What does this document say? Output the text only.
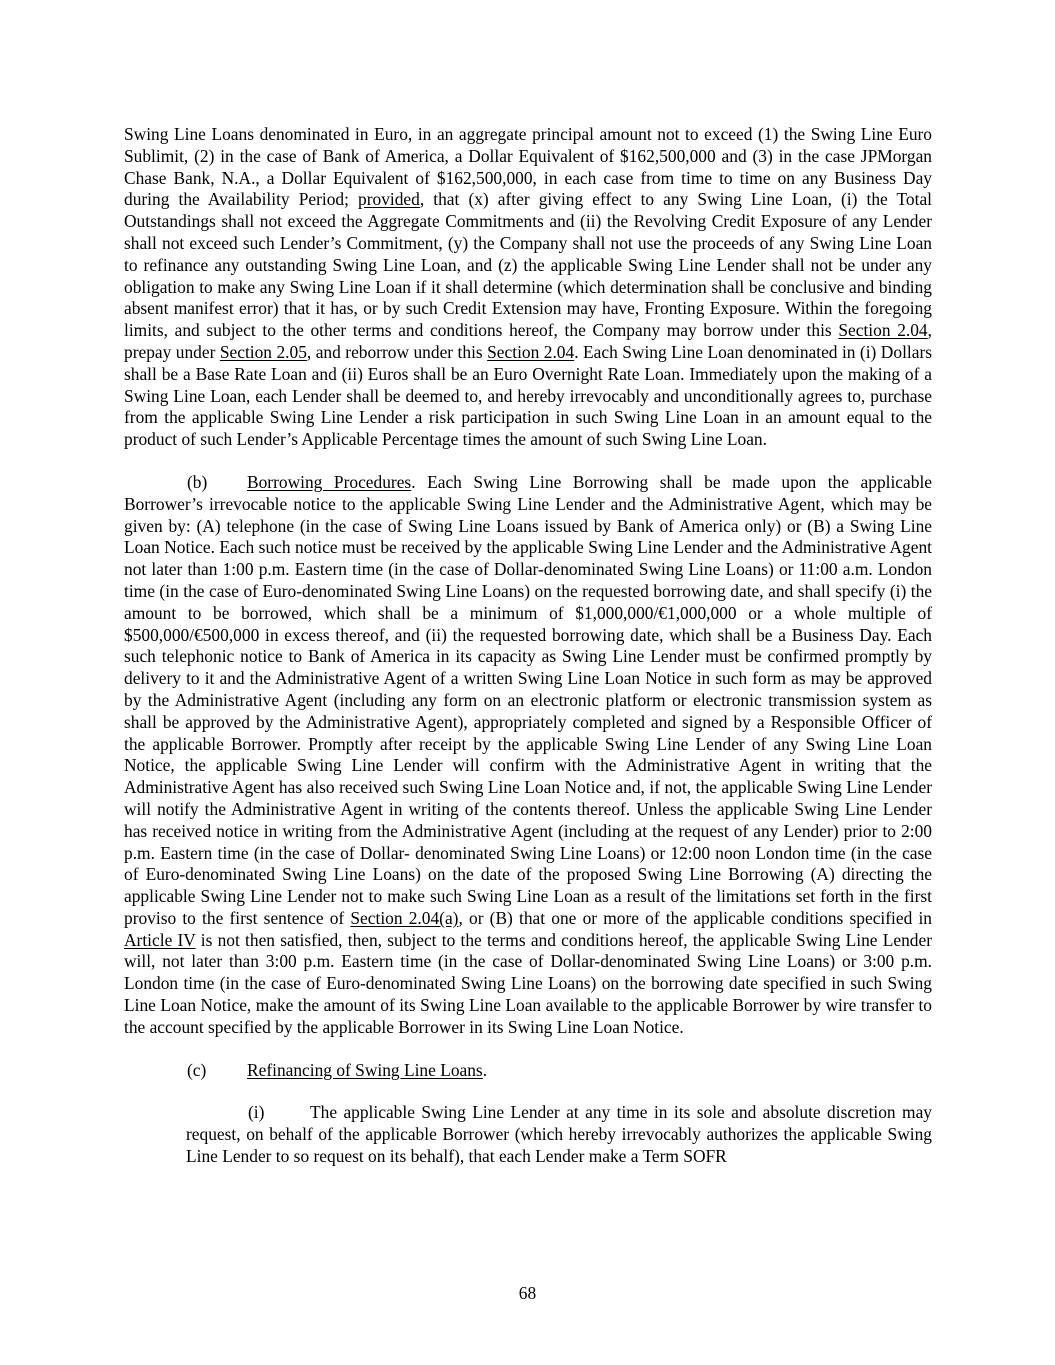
Swing Line Loans denominated in Euro, in an aggregate principal amount not to exceed (1) the Swing Line Euro Sublimit, (2) in the case of Bank of America, a Dollar Equivalent of $162,500,000 and (3) in the case JPMorgan Chase Bank, N.A., a Dollar Equivalent of $162,500,000, in each case from time to time on any Business Day during the Availability Period; provided, that (x) after giving effect to any Swing Line Loan, (i) the Total Outstandings shall not exceed the Aggregate Commitments and (ii) the Revolving Credit Exposure of any Lender shall not exceed such Lender’s Commitment, (y) the Company shall not use the proceeds of any Swing Line Loan to refinance any outstanding Swing Line Loan, and (z) the applicable Swing Line Lender shall not be under any obligation to make any Swing Line Loan if it shall determine (which determination shall be conclusive and binding absent manifest error) that it has, or by such Credit Extension may have, Fronting Exposure. Within the foregoing limits, and subject to the other terms and conditions hereof, the Company may borrow under this Section 2.04, prepay under Section 2.05, and reborrow under this Section 2.04. Each Swing Line Loan denominated in (i) Dollars shall be a Base Rate Loan and (ii) Euros shall be an Euro Overnight Rate Loan. Immediately upon the making of a Swing Line Loan, each Lender shall be deemed to, and hereby irrevocably and unconditionally agrees to, purchase from the applicable Swing Line Lender a risk participation in such Swing Line Loan in an amount equal to the product of such Lender’s Applicable Percentage times the amount of such Swing Line Loan.

(b) Borrowing Procedures. Each Swing Line Borrowing shall be made upon the applicable Borrower’s irrevocable notice to the applicable Swing Line Lender and the Administrative Agent, which may be given by: (A) telephone (in the case of Swing Line Loans issued by Bank of America only) or (B) a Swing Line Loan Notice. Each such notice must be received by the applicable Swing Line Lender and the Administrative Agent not later than 1:00 p.m. Eastern time (in the case of Dollar-denominated Swing Line Loans) or 11:00 a.m. London time (in the case of Euro-denominated Swing Line Loans) on the requested borrowing date, and shall specify (i) the amount to be borrowed, which shall be a minimum of $1,000,000/€1,000,000 or a whole multiple of $500,000/€500,000 in excess thereof, and (ii) the requested borrowing date, which shall be a Business Day. Each such telephonic notice to Bank of America in its capacity as Swing Line Lender must be confirmed promptly by delivery to it and the Administrative Agent of a written Swing Line Loan Notice in such form as may be approved by the Administrative Agent (including any form on an electronic platform or electronic transmission system as shall be approved by the Administrative Agent), appropriately completed and signed by a Responsible Officer of the applicable Borrower. Promptly after receipt by the applicable Swing Line Lender of any Swing Line Loan Notice, the applicable Swing Line Lender will confirm with the Administrative Agent in writing that the Administrative Agent has also received such Swing Line Loan Notice and, if not, the applicable Swing Line Lender will notify the Administrative Agent in writing of the contents thereof. Unless the applicable Swing Line Lender has received notice in writing from the Administrative Agent (including at the request of any Lender) prior to 2:00 p.m. Eastern time (in the case of Dollar- denominated Swing Line Loans) or 12:00 noon London time (in the case of Euro-denominated Swing Line Loans) on the date of the proposed Swing Line Borrowing (A) directing the applicable Swing Line Lender not to make such Swing Line Loan as a result of the limitations set forth in the first proviso to the first sentence of Section 2.04(a), or (B) that one or more of the applicable conditions specified in Article IV is not then satisfied, then, subject to the terms and conditions hereof, the applicable Swing Line Lender will, not later than 3:00 p.m. Eastern time (in the case of Dollar-denominated Swing Line Loans) or 3:00 p.m. London time (in the case of Euro-denominated Swing Line Loans) on the borrowing date specified in such Swing Line Loan Notice, make the amount of its Swing Line Loan available to the applicable Borrower by wire transfer to the account specified by the applicable Borrower in its Swing Line Loan Notice.

(c) Refinancing of Swing Line Loans.

(i)	The applicable Swing Line Lender at any time in its sole and absolute discretion may request, on behalf of the applicable Borrower (which hereby irrevocably authorizes the applicable Swing Line Lender to so request on its behalf), that each Lender make a Term SOFR

68
